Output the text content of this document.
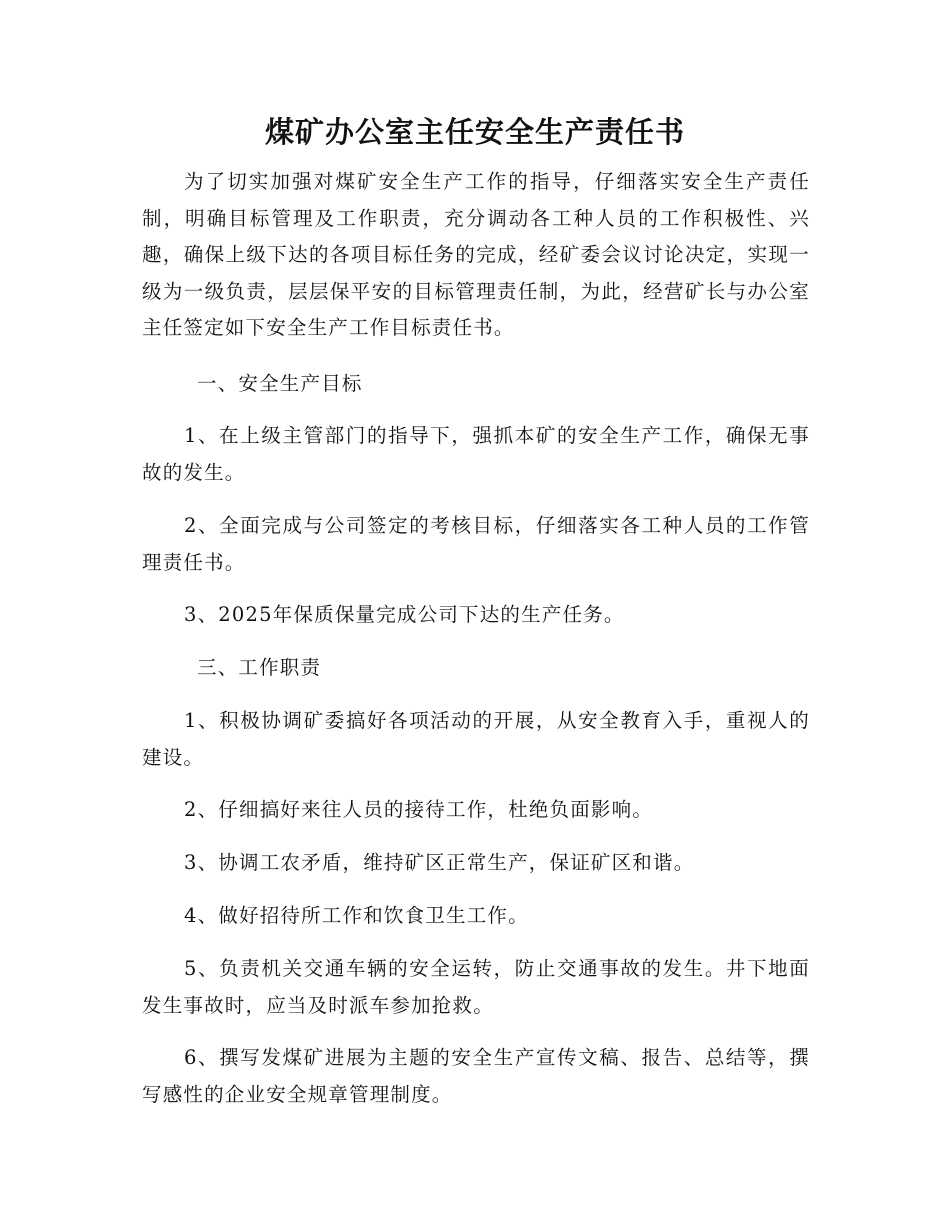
煤矿办公室主任安全生产责任书

为了切实加强对煤矿安全生产工作的指导，仔细落实安全生产责任制，明确目标管理及工作职责，充分调动各工种人员的工作积极性、兴趣，确保上级下达的各项目标任务的完成，经矿委会议讨论决定，实现一级为一级负责，层层保平安的目标管理责任制，为此，经营矿长与办公室主任签定如下安全生产工作目标责任书。

一、安全生产目标

1、在上级主管部门的指导下，强抓本矿的安全生产工作，确保无事故的发生。

2、全面完成与公司签定的考核目标，仔细落实各工种人员的工作管理责任书。

3、2025年保质保量完成公司下达的生产任务。

三、工作职责

1、积极协调矿委搞好各项活动的开展，从安全教育入手，重视人的建设。

2、仔细搞好来往人员的接待工作，杜绝负面影响。

3、协调工农矛盾，维持矿区正常生产，保证矿区和谐。

4、做好招待所工作和饮食卫生工作。

5、负责机关交通车辆的安全运转，防止交通事故的发生。井下地面发生事故时，应当及时派车参加抢救。

6、撰写发煤矿进展为主题的安全生产宣传文稿、报告、总结等，撰写感性的企业安全规章管理制度。
